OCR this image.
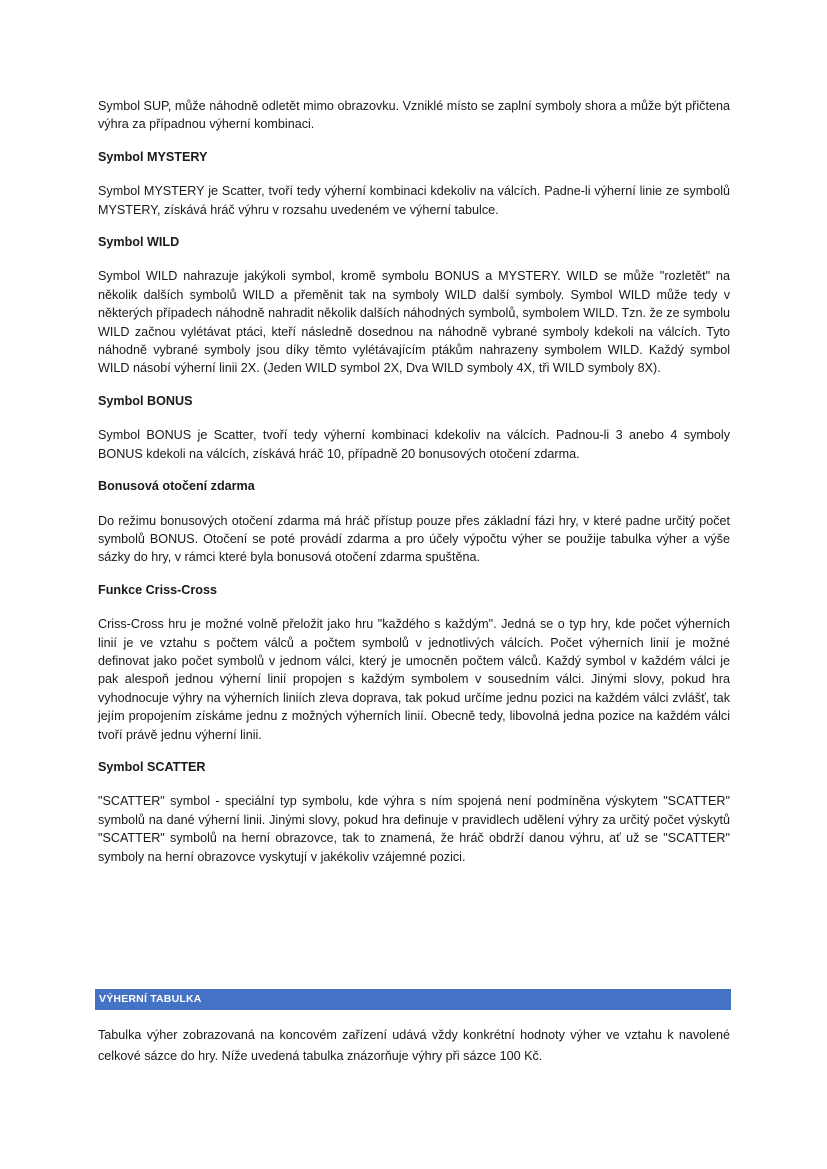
Symbol SUP, může náhodně odletět mimo obrazovku. Vzniklé místo se zaplní symboly shora a může být přičtena výhra za případnou výherní kombinaci.

Symbol MYSTERY

Symbol MYSTERY je Scatter, tvoří tedy výherní kombinaci kdekoliv na válcích. Padne-li výherní linie ze symbolů MYSTERY, získává hráč výhru v rozsahu uvedeném ve výherní tabulce.

Symbol WILD

Symbol WILD nahrazuje jakýkoli symbol, kromě symbolu BONUS a MYSTERY. WILD se může "rozletět" na několik dalších symbolů WILD a přeměnit tak na symboly WILD další symboly. Symbol WILD může tedy v některých případech náhodně nahradit několik dalších náhodných symbolů, symbolem WILD. Tzn. že ze symbolu WILD začnou vylétávat ptáci, kteří následně dosednou na náhodně vybrané symboly kdekoli na válcích. Tyto náhodně vybrané symboly jsou díky těmto vylétávajícím ptákům nahrazeny symbolem WILD. Každý symbol WILD násobí výherní linii 2X. (Jeden WILD symbol 2X, Dva WILD symboly 4X, tři WILD symboly 8X).

Symbol BONUS

Symbol BONUS je Scatter, tvoří tedy výherní kombinaci kdekoliv na válcích. Padnou-li 3 anebo 4 symboly BONUS kdekoli na válcích, získává hráč 10, případně 20 bonusových otočení zdarma.

Bonusová otočení zdarma

Do režimu bonusových otočení zdarma má hráč přístup pouze přes základní fázi hry, v které padne určitý počet symbolů BONUS. Otočení se poté provádí zdarma a pro účely výpočtu výher se použije tabulka výher a výše sázky do hry, v rámci které byla bonusová otočení zdarma spuštěna.

Funkce Criss-Cross

Criss-Cross hru je možné volně přeložit jako hru "každého s každým". Jedná se o typ hry, kde počet výherních linií je ve vztahu s počtem válců a počtem symbolů v jednotlivých válcích. Počet výherních linií je možné definovat jako počet symbolů v jednom válci, který je umocněn počtem válců. Každý symbol v každém válci je pak alespoň jednou výherní linií propojen s každým symbolem v sousedním válci. Jinými slovy, pokud hra vyhodnocuje výhry na výherních liniích zleva doprava, tak pokud určíme jednu pozici na každém válci zvlášť, tak jejím propojením získáme jednu z možných výherních linií. Obecně tedy, libovolná jedna pozice na každém válci tvoří právě jednu výherní linii.

Symbol SCATTER

"SCATTER" symbol - speciální typ symbolu, kde výhra s ním spojená není podmíněna výskytem "SCATTER" symbolů na dané výherní linii. Jinými slovy, pokud hra definuje v pravidlech udělení výhry za určitý počet výskytů "SCATTER" symbolů na herní obrazovce, tak to znamená, že hráč obdrží danou výhru, ať už se "SCATTER" symboly na herní obrazovce vyskytují v jakékoliv vzájemné pozici.

VÝHERNÍ TABULKA

Tabulka výher zobrazovaná na koncovém zařízení udává vždy konkrétní hodnoty výher ve vztahu k navolené celkové sázce do hry. Níže uvedená tabulka znázorňuje výhry při sázce 100 Kč.
